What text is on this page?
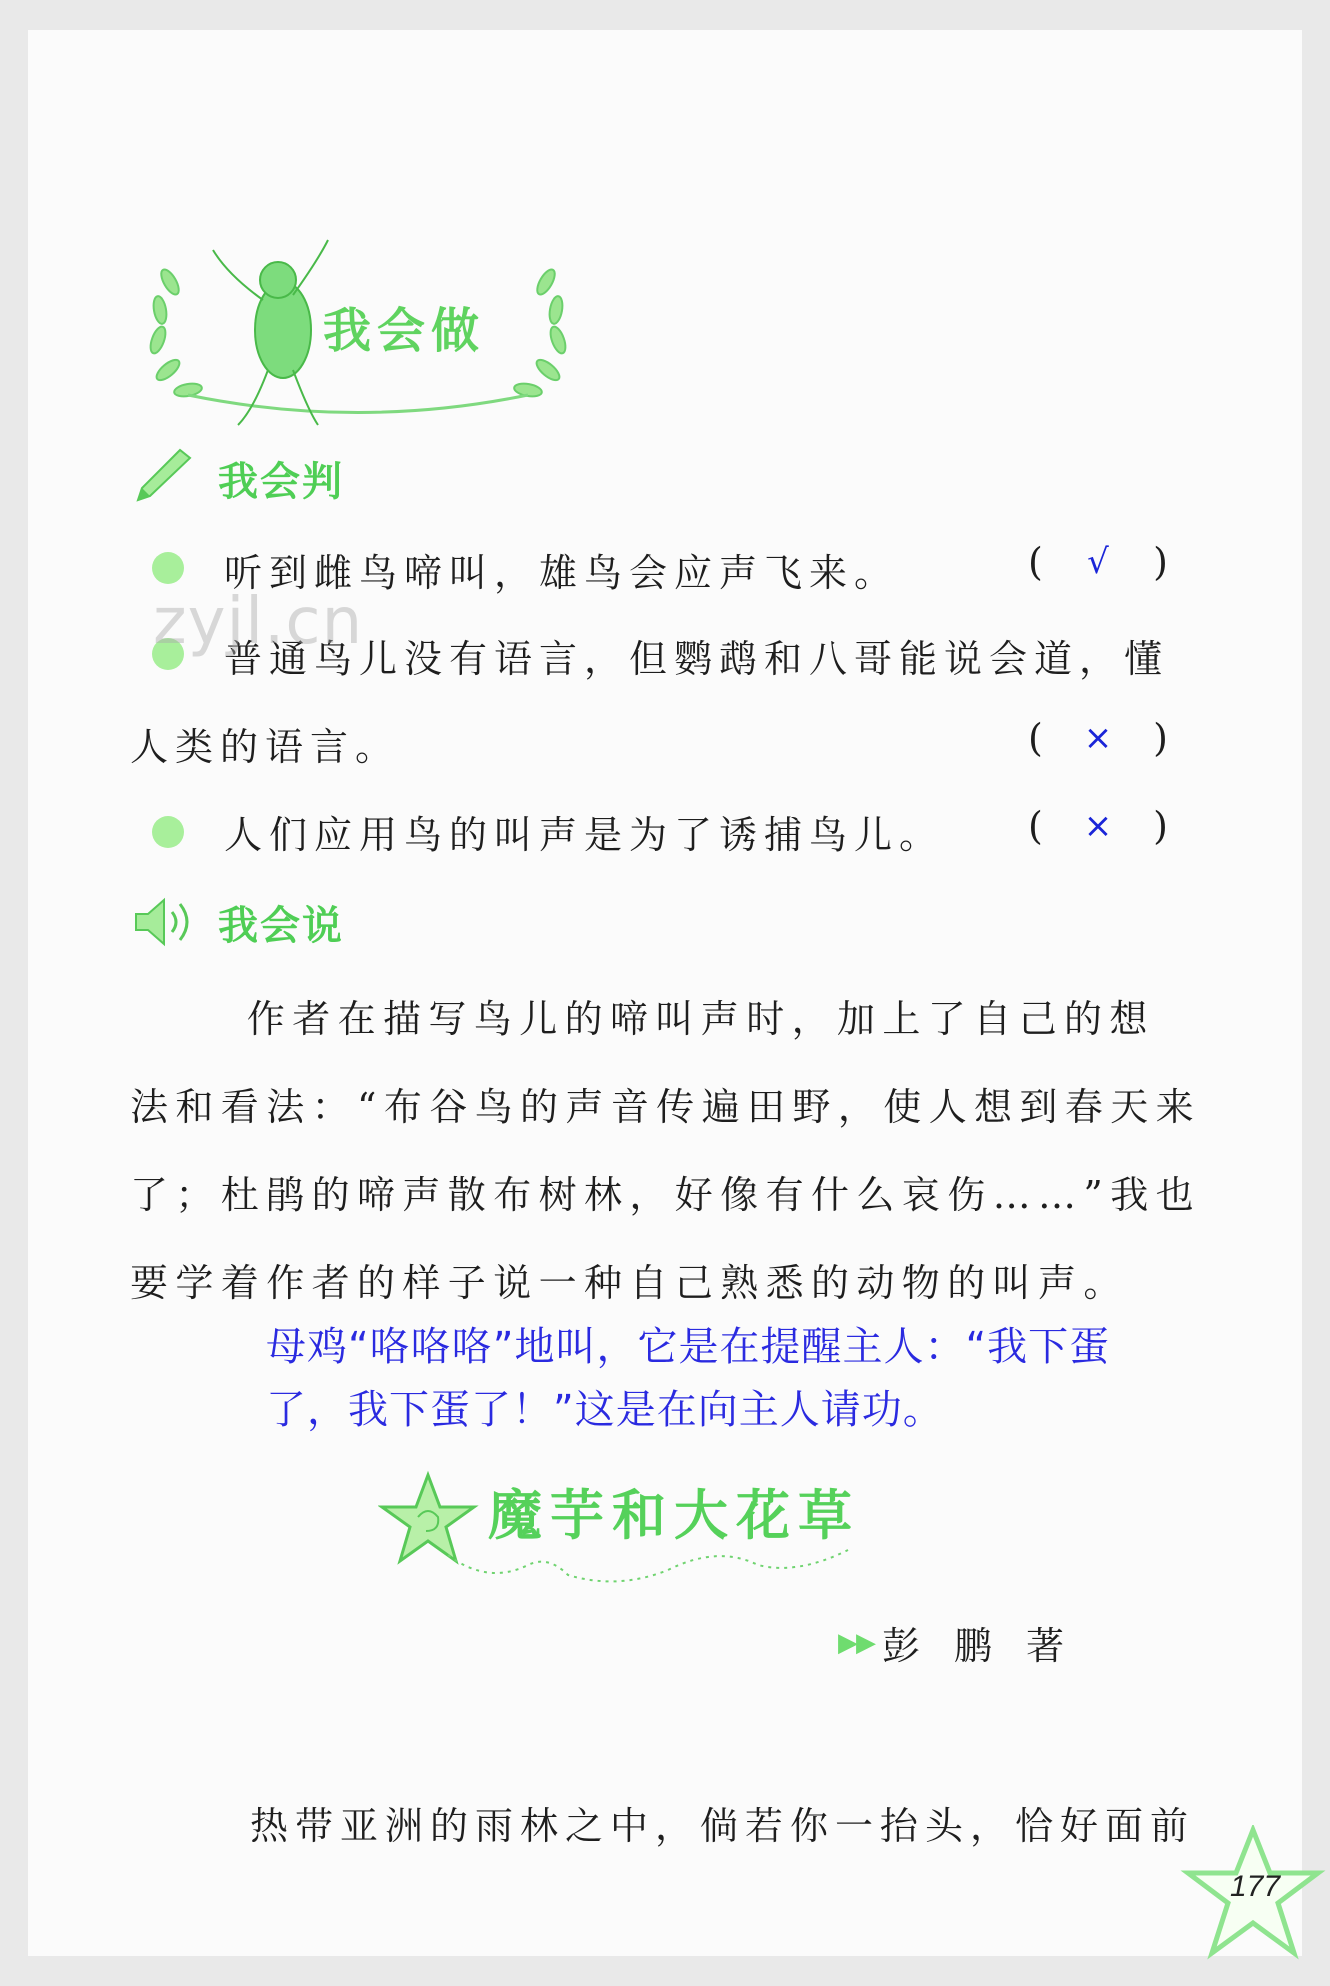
我会做
我会判
听到雌鸟啼叫，雄鸟会应声飞来。	( √ )
普通鸟儿没有语言，但鹦鹉和八哥能说会道，懂
人类的语言。	( × )
人们应用鸟的叫声是为了诱捕鸟儿。 ( × )
我会说
　　作者在描写鸟儿的啼叫声时，加上了自己的想
法和看法：“布谷鸟的声音传遍田野，使人想到春天来
了；杜鹃的啼声散布树林，好像有什么哀伤……”我也
要学着作者的样子说一种自己熟悉的动物的叫声。
母鸡“咯咯咯”地叫，它是在提醒主人：“我下蛋
了，我下蛋了！”这是在向主人请功。
魔芋和大花草
▶▶ 彭鹏著
热带亚洲的雨林之中，倘若你一抬头，恰好面前
177
zyjl.cn
